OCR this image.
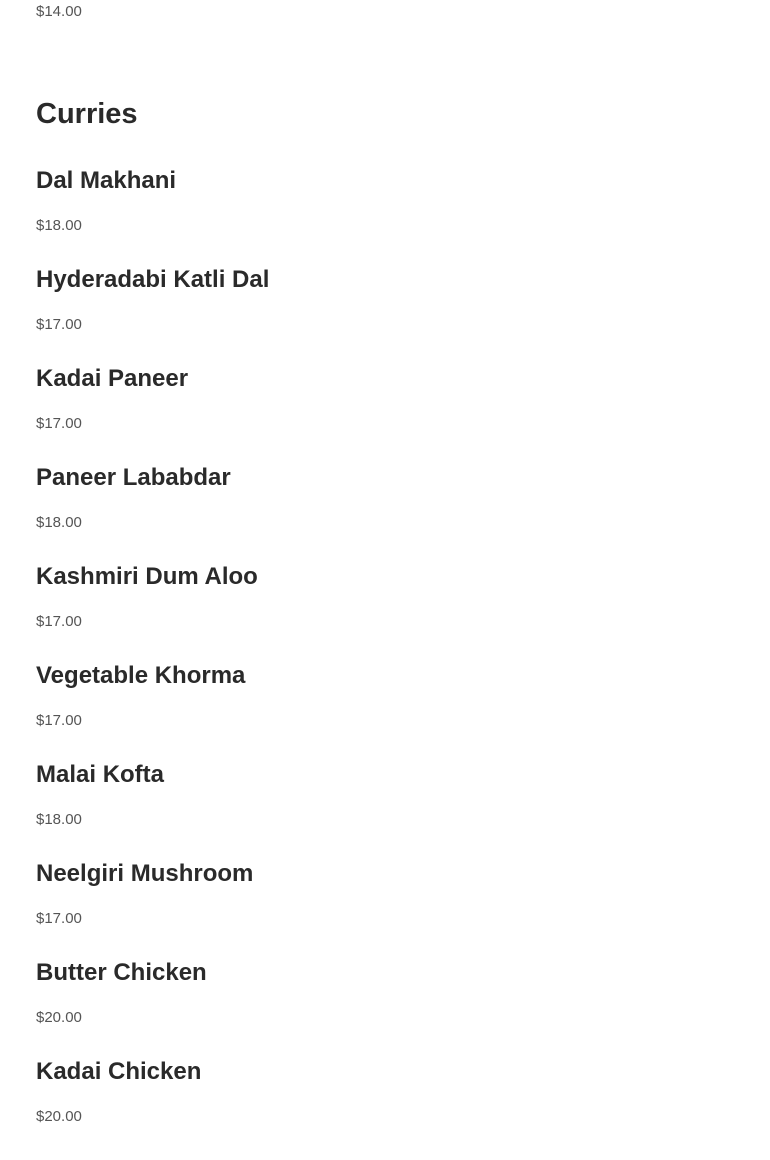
$14.00
Curries
Dal Makhani
$18.00
Hyderadabi Katli Dal
$17.00
Kadai Paneer
$17.00
Paneer Lababdar
$18.00
Kashmiri Dum Aloo
$17.00
Vegetable Khorma
$17.00
Malai Kofta
$18.00
Neelgiri Mushroom
$17.00
Butter Chicken
$20.00
Kadai Chicken
$20.00
